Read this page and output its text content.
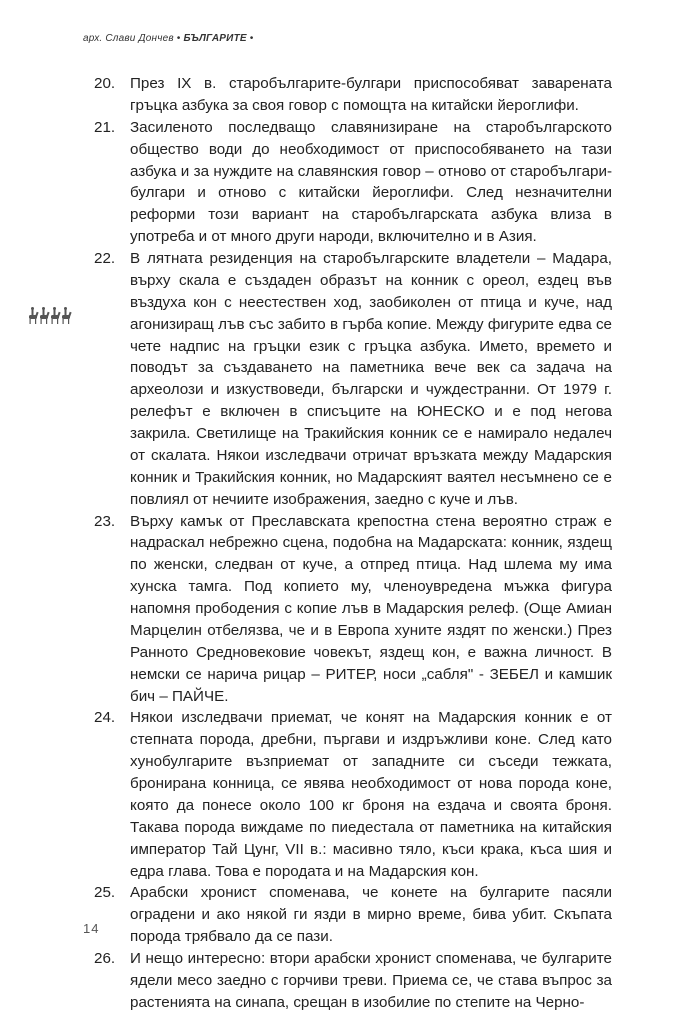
арх. Слави Дончев • БЪЛГАРИТЕ •
20. През IX в. старобългарите-булгари приспособяват заварената гръцка азбука за своя говор с помощта на китайски йероглифи.
21. Засиленото последващо славянизиране на старобългарското общество води до необходимост от приспособяването на тази азбука и за нуждите на славянския говор – отново от старобългари-булгари и отново с китайски йероглифи. След незначителни реформи този вариант на старобългарската азбука влиза в употреба и от много други народи, включително и в Азия.
22. В лятната резиденция на старобългарските владетели – Мадара, върху скала е създаден образът на конник с ореол, ездец във въздуха кон с неестествен ход, заобиколен от птица и куче, над агонизиращ лъв със забито в гърба копие. Между фигурите едва се чете надпис на гръцки език с гръцка азбука. Името, времето и поводът за създаването на паметника вече век са задача на археолози и изкуствоведи, български и чуждестранни. От 1979 г. релефът е включен в списъците на ЮНЕСКО и е под негова закрила. Светилище на Тракийския конник се е намирало недалеч от скалата. Някои изследвачи отричат връзката между Мадарския конник и Тракийския конник, но Мадарският ваятел несъмнено се е повлиял от нечиите изображения, заедно с куче и лъв.
23. Върху камък от Преславската крепостна стена вероятно страж е надраскал небрежно сцена, подобна на Мадарската: конник, яздещ по женски, следван от куче, а отпред птица. Над шлема му има хунска тамга. Под копието му, членоувредена мъжка фигура напомня прободения с копие лъв в Мадарския релеф. (Още Амиан Марцелин отбелязва, че и в Европа хуните яздят по женски.) През Ранното Средновековие човекът, яздещ кон, е важна личност. В немски се нарича рицар – РИТЕР, носи „сабля" - ЗЕБЕЛ и камшик бич – ПАЙЧЕ.
24. Някои изследвачи приемат, че конят на Мадарския конник е от степната порода, дребни, пъргави и издръжливи коне. След като хунобулгарите възприемат от западните си съседи тежката, бронирана конница, се явява необходимост от нова порода коне, която да понесе около 100 кг броня на ездача и своята броня. Такава порода виждаме по пиедестала от паметника на китайския император Тай Цунг, VII в.: масивно тяло, къси крака, къса шия и едра глава. Това е породата и на Мадарския кон.
25. Арабски хронист споменава, че конете на булгарите пасяли оградени и ако някой ги язди в мирно време, бива убит. Скъпата порода трябвало да се пази.
26. И нещо интересно: втори арабски хронист споменава, че булгарите ядели месо заедно с горчиви треви. Приема се, че става въпрос за растенията на синапа, срещан в изобилие по степите на Черно-
14
